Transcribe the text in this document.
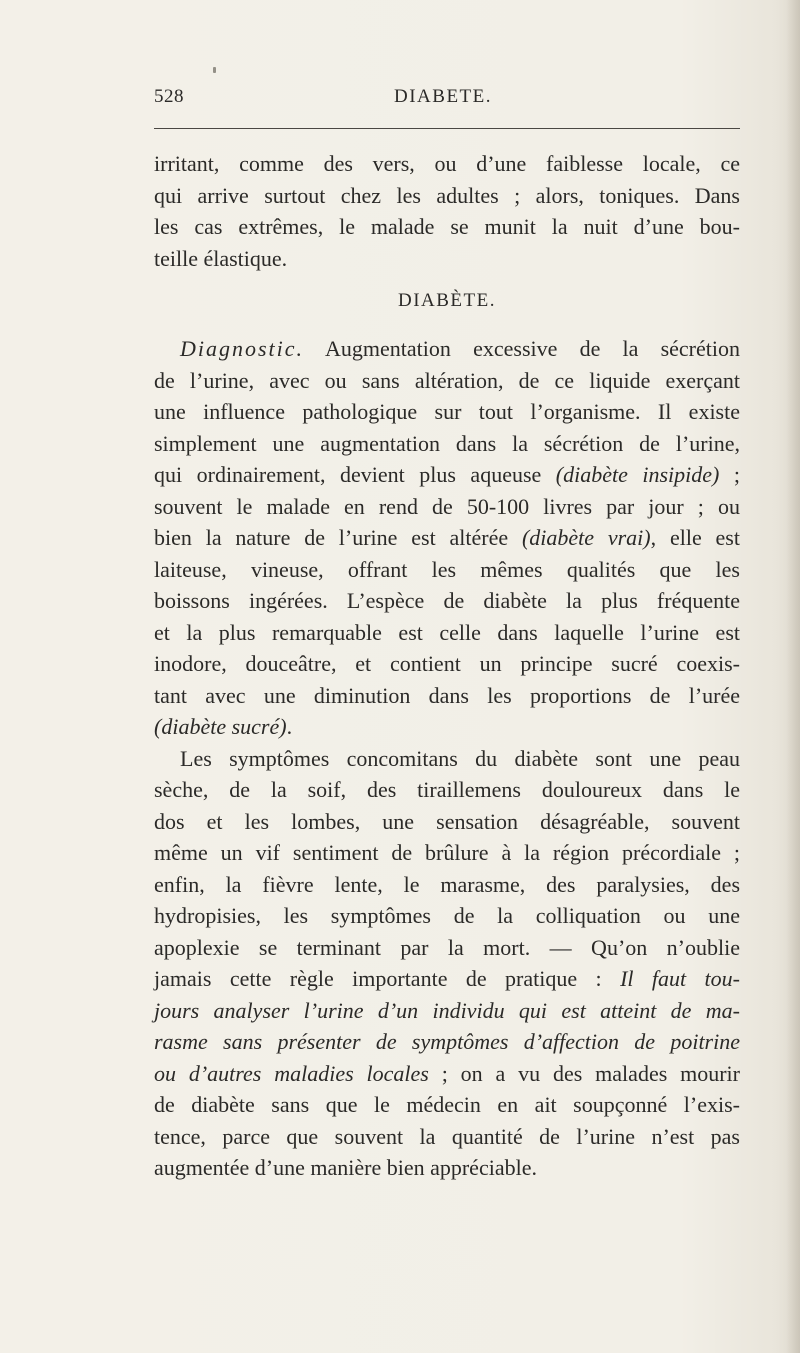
528	DIABETE.
irritant, comme des vers, ou d’une faiblesse locale, ce
qui arrive surtout chez les adultes ; alors, toniques. Dans
les cas extrêmes, le malade se munit la nuit d’une bou-
teille élastique.
DIABÈTE.
Diagnostic. Augmentation excessive de la sécrétion
de l’urine, avec ou sans altération, de ce liquide exerçant
une influence pathologique sur tout l’organisme. Il existe
simplement une augmentation dans la sécrétion de l’urine,
qui ordinairement, devient plus aqueuse (diabète insipide) ;
souvent le malade en rend de 50-100 livres par jour ; ou
bien la nature de l’urine est altérée (diabète vrai), elle est
laiteuse, vineuse, offrant les mêmes qualités que les
boissons ingérées. L’espèce de diabète la plus fréquente
et la plus remarquable est celle dans laquelle l’urine est
inodore, douceâtre, et contient un principe sucré coexis-
tant avec une diminution dans les proportions de l’urée
(diabète sucré).
Les symptômes concomitans du diabète sont une peau
sèche, de la soif, des tiraillemens douloureux dans le
dos et les lombes, une sensation désagréable, souvent
même un vif sentiment de brûlure à la région précordiale ;
enfin, la fièvre lente, le marasme, des paralysies, des
hydropisies, les symptômes de la colliquation ou une
apoplexie se terminant par la mort. — Qu’on n’oublie
jamais cette règle importante de pratique : Il faut tou-
jours analyser l’urine d’un individu qui est atteint de ma-
rasme sans présenter de symptômes d’affection de poitrine
ou d’autres maladies locales ; on a vu des malades mourir
de diabète sans que le médecin en ait soupçonné l’exis-
tence, parce que souvent la quantité de l’urine n’est pas
augmentée d’une manière bien appréciable.
